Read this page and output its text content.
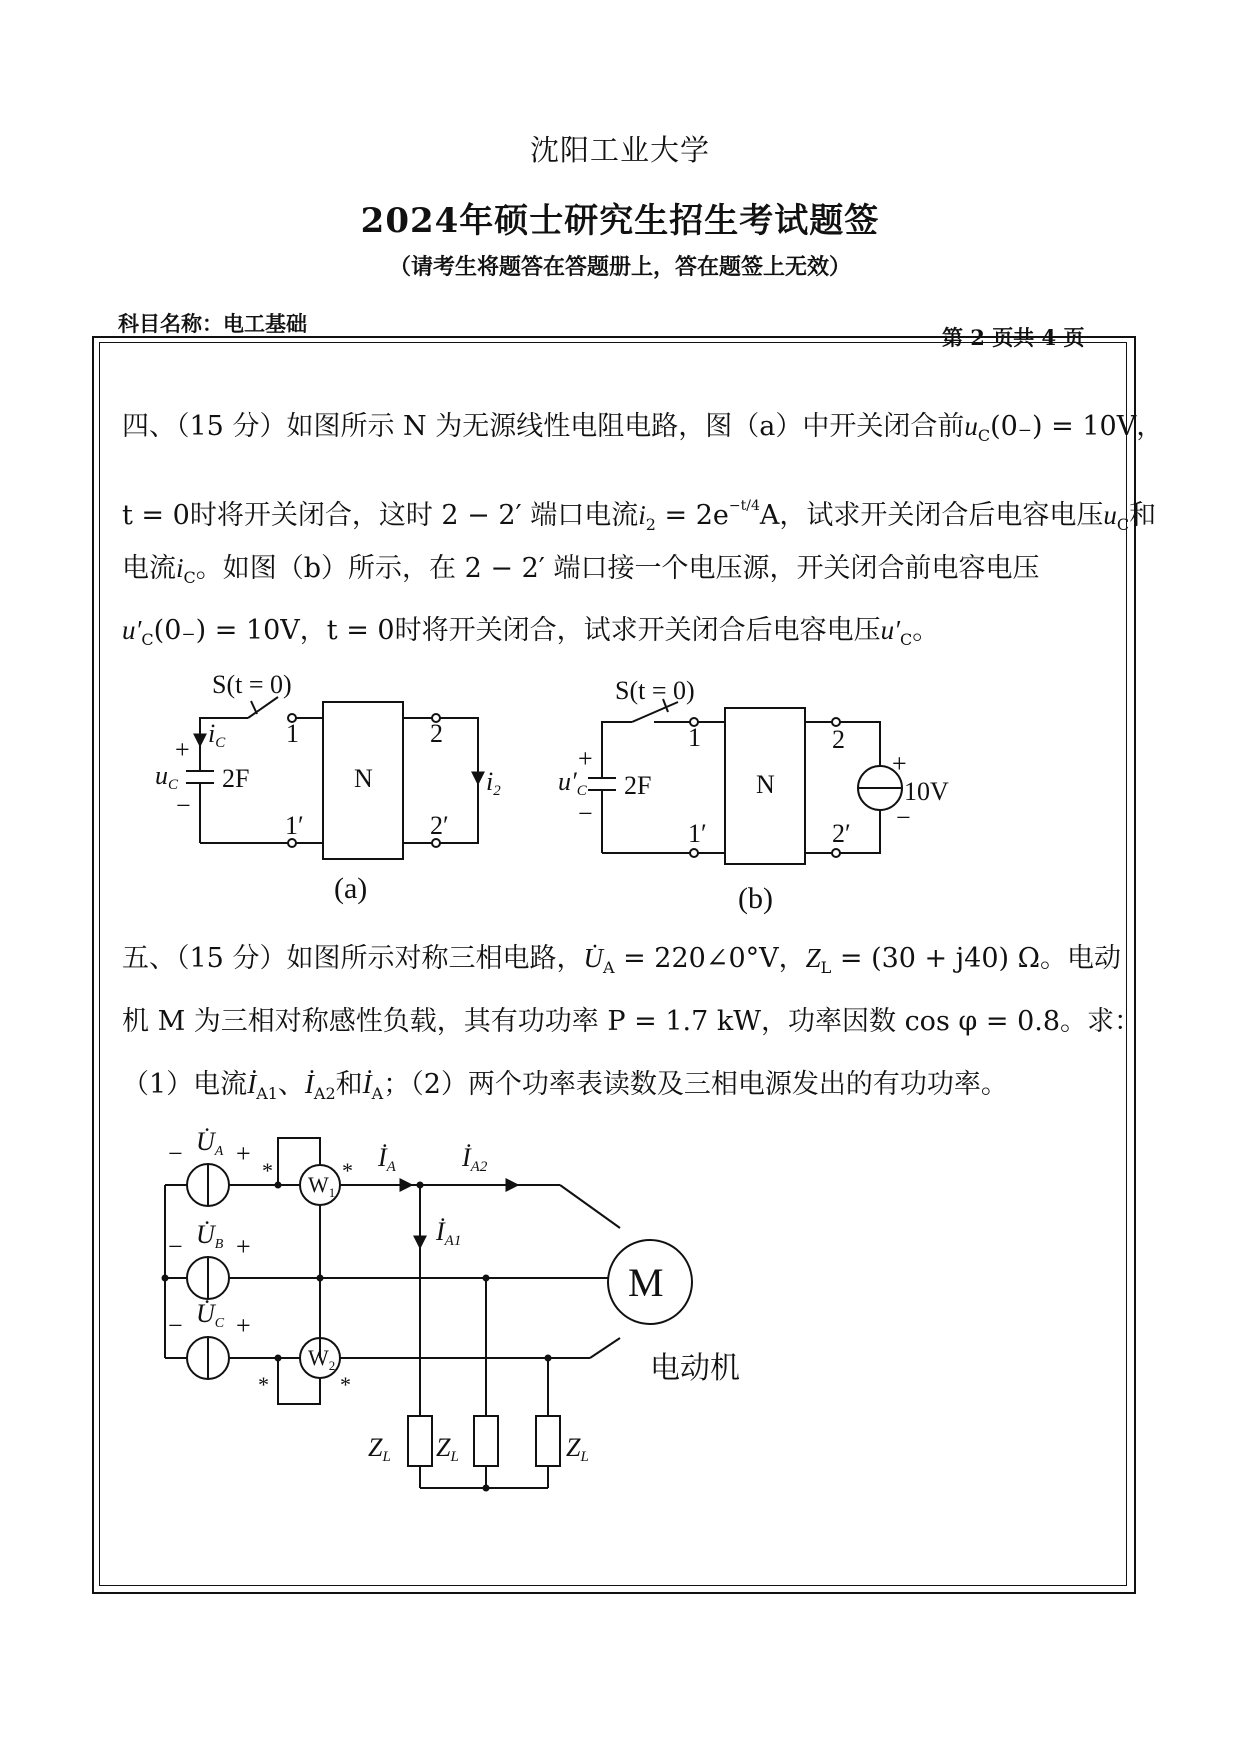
沈阳工业大学
2024年硕士研究生招生考试题签
（请考生将题答在答题册上，答在题签上无效）
科目名称：电工基础
第 2 页共 4 页
四、（15 分）如图所示 N 为无源线性电阻电路，图（a）中开关闭合前$u_C(0_-) = 10V$，
t = 0时将开关闭合，这时 2 − 2′ 端口电流$i_2 = 2e^{-t/4}A$，试求开关闭合后电容电压$u_C$和
电流$i_C$。如图（b）所示，在 2 − 2′ 端口接一个电压源，开关闭合前电容电压
$u'_C(0_-) = 10V$，t = 0时将开关闭合，试求开关闭合后电容电压$u'_C$。
五、（15 分）如图所示对称三相电路，$U̇_A$ = 220∠0°V，$Z_L = (30 + j40)$ Ω。电动
机 M 为三相对称感性负载，其有功功率 P = 1.7 kW，功率因数 cos φ = 0.8。求：
（1）电流$İ_{A1}$、$İ_{A2}$和$İ_A$；（2）两个功率表读数及三相电源发出的有功功率。
S(t = 0)
iC
+
uC 2F
−
1
1′
N
2
2′
i2
(a)
S(t = 0)
+
u′C 2F
−
1
1′
N
2
2′
+
10V
−
(b)
− U̇A +
− U̇B +
− U̇C +
$W_1$
$W_2$
*	*
*	*
İA	İA2
İA1
M
电动机
ZL ZL	ZL
